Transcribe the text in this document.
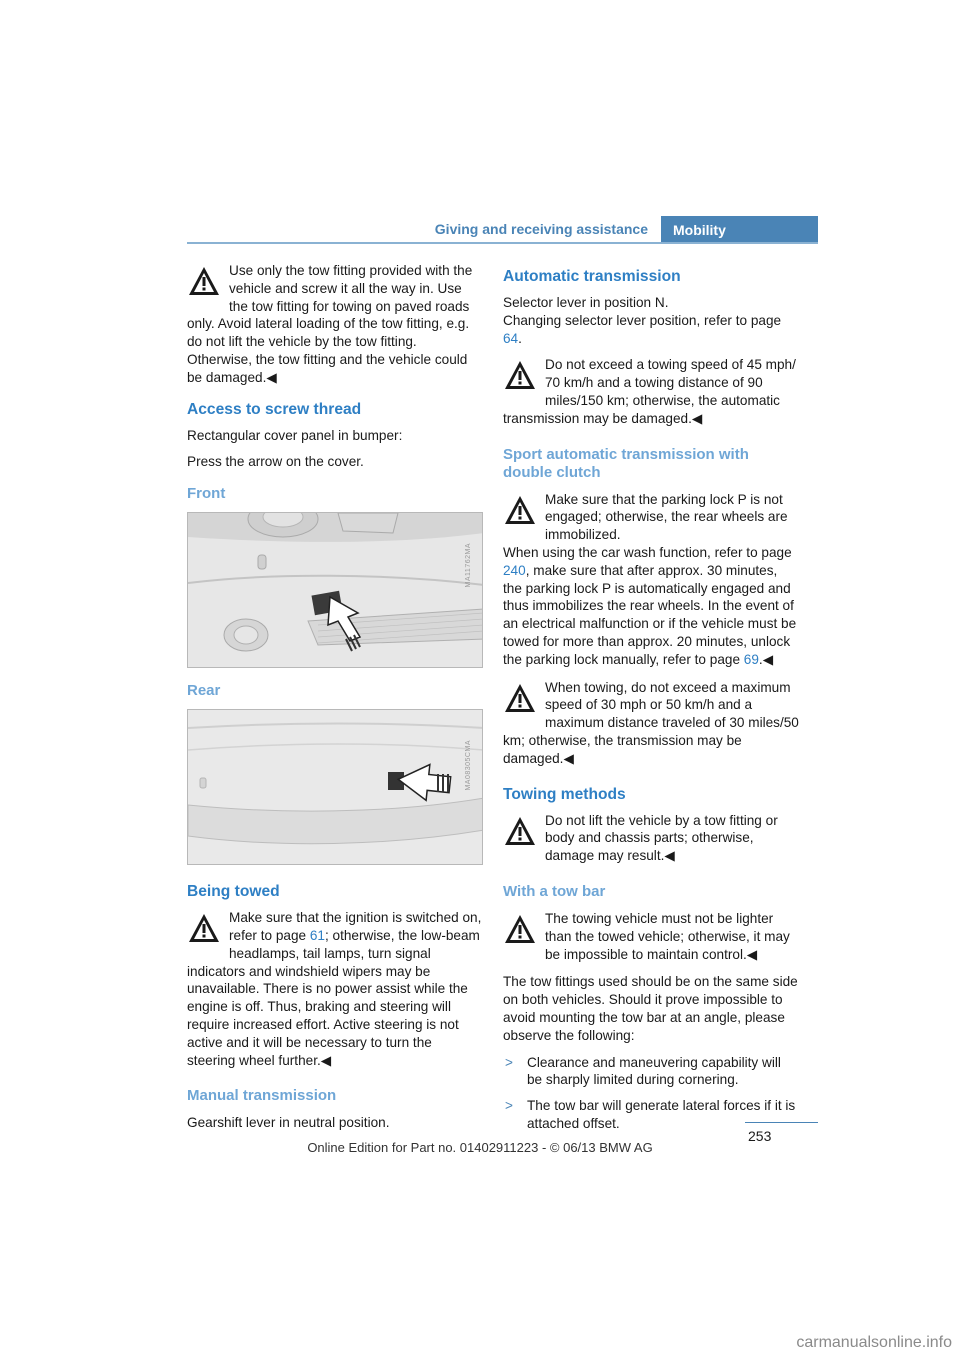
Giving and receiving assistance	Mobility
Use only the tow fitting provided with the vehicle and screw it all the way in. Use the tow fitting for towing on paved roads only. Avoid lateral loading of the tow fitting, e.g. do not lift the vehicle by the tow fitting. Otherwise, the tow fitting and the vehicle could be damaged.◀
Access to screw thread

Rectangular cover panel in bumper:

Press the arrow on the cover.

Front
MA11762MA
Rear
MA08305CMA
Being towed
Make sure that the ignition is switched on, refer to page 61; otherwise, the low-beam headlamps, tail lamps, turn signal indicators and windshield wipers may be unavailable. There is no power assist while the engine is off. Thus, braking and steering will require increased effort. Active steering is not active and it will be necessary to turn the steering wheel further.◀
Manual transmission

Gearshift lever in neutral position.

Automatic transmission

Selector lever in position N.

Changing selector lever position, refer to page 64.

Do not exceed a towing speed of 45 mph/ 70 km/h and a towing distance of 90 miles/150 km; otherwise, the automatic transmission may be damaged.◀
Sport automatic transmission with double clutch
Make sure that the parking lock P is not engaged; otherwise, the rear wheels are immobilized.
When using the car wash function, refer to page 240, make sure that after approx. 30 minutes, the parking lock P is automatically engaged and thus immobilizes the rear wheels. In the event of an electrical malfunction or if the vehicle must be towed for more than approx. 20 minutes, unlock the parking lock manually, refer to page 69.◀
When towing, do not exceed a maximum speed of 30 mph or 50 km/h and a maximum distance traveled of 30 miles/50 km; otherwise, the transmission may be damaged.◀
Towing methods
Do not lift the vehicle by a tow fitting or body and chassis parts; otherwise, damage may result.◀
With a tow bar
The towing vehicle must not be lighter than the towed vehicle; otherwise, it may be impossible to maintain control.◀

The tow fittings used should be on the same side on both vehicles. Should it prove impossible to avoid mounting the tow bar at an angle, please observe the following:

> Clearance and maneuvering capability will be sharply limited during cornering.
> The tow bar will generate lateral forces if it is attached offset.
253
Online Edition for Part no. 01402911223 - © 06/13 BMW AG
carmanualsonline.info
